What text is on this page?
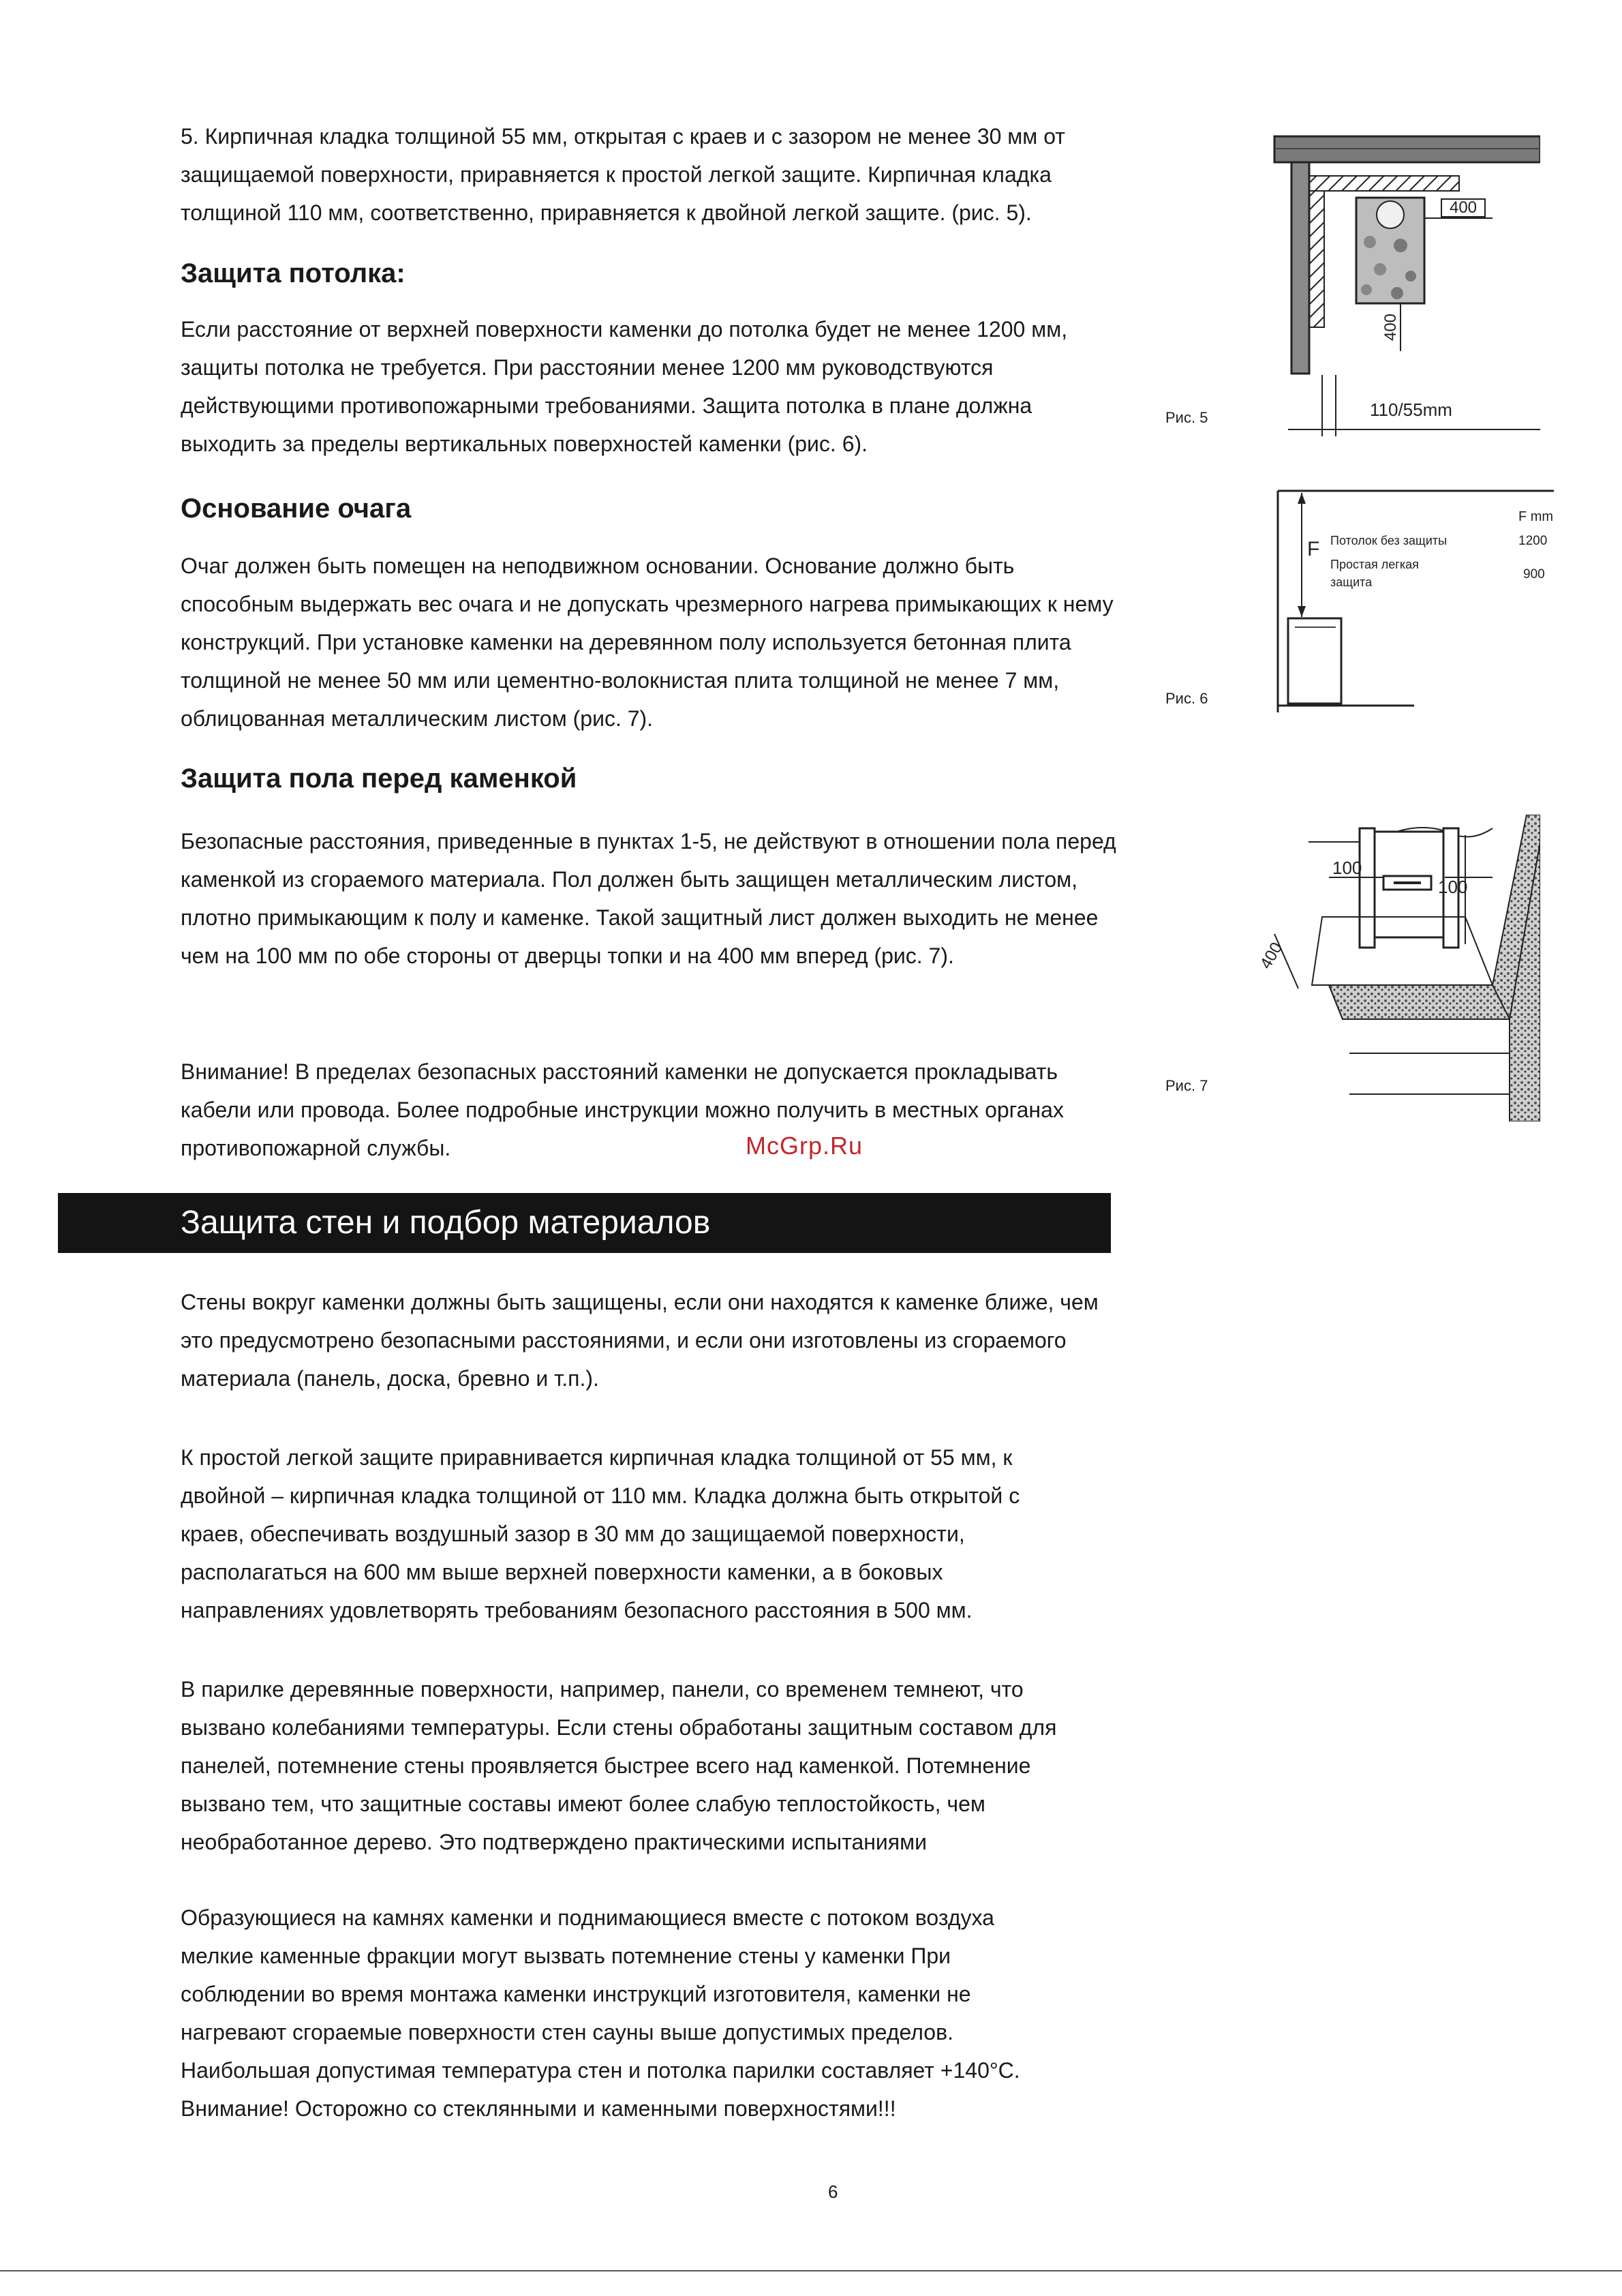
5. Кирпичная кладка толщиной 55 мм, открытая с краев и с зазором не менее 30 мм от защищаемой поверхности, приравняется к простой легкой защите. Кирпичная кладка толщиной 110 мм, соответственно, приравняется к двойной легкой защите. (рис. 5).

Защита потолка:

Если расстояние от верхней поверхности каменки до потолка будет не менее 1200 мм, защиты потолка не требуется. При расстоянии менее 1200 мм руководствуются действующими противопожарными требованиями. Защита потолка в плане должна выходить за пределы вертикальных поверхностей каменки (рис. 6).

Основание очага

Очаг должен быть помещен на неподвижном основании. Основание должно быть способным выдержать вес очага и не допускать чрезмерного нагрева примыкающих к нему конструкций. При установке каменки на деревянном полу используется бетонная плита толщиной не менее 50 мм или цементно-волокнистая плита толщиной не менее 7 мм, облицованная металлическим листом (рис. 7).

Защита пола перед каменкой

Безопасные расстояния, приведенные в пунктах 1-5, не действуют в отношении пола перед каменкой из сгораемого материала. Пол должен быть защищен металлическим листом, плотно примыкающим к полу и каменке. Такой защитный лист должен выходить не менее чем на 100 мм по обе стороны от дверцы топки и на 400 мм вперед (рис. 7).

Внимание! В пределах безопасных расстояний каменки не допускается прокладывать кабели или провода. Более подробные инструкции можно получить в местных органах противопожарной службы.	McGrp.Ru
Защита стен и подбор материалов

Стены вокруг каменки должны быть защищены, если они находятся к каменке ближе, чем это предусмотрено безопасными расстояниями, и если они изготовлены из сгораемого материала (панель, доска, бревно и т.п.).

К простой легкой защите приравнивается кирпичная кладка толщиной от 55 мм, к двойной – кирпичная кладка толщиной от 110 мм. Кладка должна быть открытой с краев, обеспечивать воздушный зазор в 30 мм до защищаемой поверхности, располагаться на 600 мм выше верхней поверхности каменки, а в боковых направлениях удовлетворять требованиям безопасного расстояния в 500 мм.

В парилке деревянные поверхности, например, панели, со временем темнеют, что вызвано колебаниями температуры. Если стены обработаны защитным составом для панелей, потемнение стены проявляется быстрее всего над каменкой. Потемнение вызвано тем, что защитные составы имеют более слабую теплостойкость, чем необработанное дерево. Это подтверждено практическими испытаниями

Образующиеся на камнях каменки и поднимающиеся вместе с потоком воздуха мелкие каменные фракции могут вызвать потемнение стены у каменки При соблюдении во время монтажа каменки инструкций изготовителя, каменки не нагревают сгораемые поверхности стен сауны выше допустимых пределов. Наибольшая допустимая температура стен и потолка парилки составляет +140°С. Внимание! Осторожно со стеклянными и каменными поверхностями!!!

400
400
110/55mm
Рис. 5
F
F mm
Потолок без защиты	1200
Простая легкая
защита
900
Рис. 6
100
100
400
Рис. 7
6
